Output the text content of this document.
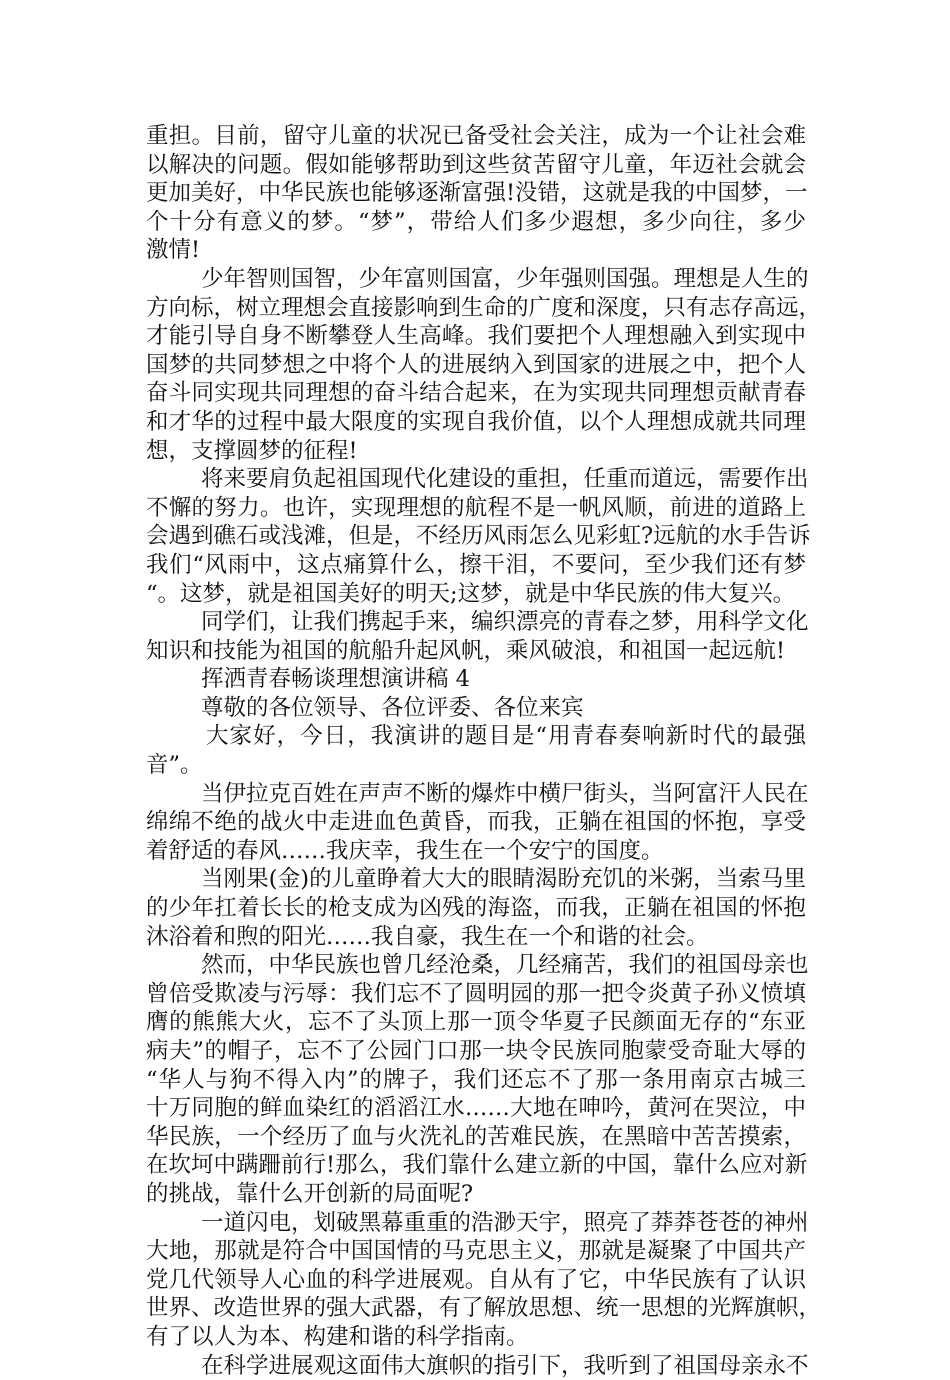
重担。目前，留守儿童的状况已备受社会关注，成为一个让社会难
以解决的问题。假如能够帮助到这些贫苦留守儿童，年迈社会就会
更加美好，中华民族也能够逐渐富强!没错，这就是我的中国梦，一
个十分有意义的梦。“梦”，带给人们多少遐想，多少向往，多少
激情!
少年智则国智，少年富则国富，少年强则国强。理想是人生的
方向标，树立理想会直接影响到生命的广度和深度，只有志存高远，
才能引导自身不断攀登人生高峰。我们要把个人理想融入到实现中
国梦的共同梦想之中将个人的进展纳入到国家的进展之中，把个人
奋斗同实现共同理想的奋斗结合起来，在为实现共同理想贡献青春
和才华的过程中最大限度的实现自我价值，以个人理想成就共同理
想，支撑圆梦的征程!
将来要肩负起祖国现代化建设的重担，任重而道远，需要作出
不懈的努力。也许，实现理想的航程不是一帆风顺，前进的道路上
会遇到礁石或浅滩，但是，不经历风雨怎么见彩虹?远航的水手告诉
我们“风雨中，这点痛算什么，擦干泪，不要问，至少我们还有梦
“。这梦，就是祖国美好的明天;这梦，就是中华民族的伟大复兴。
同学们，让我们携起手来，编织漂亮的青春之梦，用科学文化
知识和技能为祖国的航船升起风帆，乘风破浪，和祖国一起远航!
挥洒青春畅谈理想演讲稿 4
尊敬的各位领导、各位评委、各位来宾
大家好，今日，我演讲的题目是“用青春奏响新时代的最强
音”。
当伊拉克百姓在声声不断的爆炸中横尸街头，当阿富汗人民在
绵绵不绝的战火中走进血色黄昏，而我，正躺在祖国的怀抱，享受
着舒适的春风……我庆幸，我生在一个安宁的国度。
当刚果(金)的儿童睁着大大的眼睛渴盼充饥的米粥，当索马里
的少年扛着长长的枪支成为凶残的海盗，而我，正躺在祖国的怀抱
沐浴着和煦的阳光……我自豪，我生在一个和谐的社会。
然而，中华民族也曾几经沧桑，几经痛苦，我们的祖国母亲也
曾倍受欺凌与污辱：我们忘不了圆明园的那一把令炎黄子孙义愤填
膺的熊熊大火，忘不了头顶上那一顶令华夏子民颜面无存的“东亚
病夫”的帽子，忘不了公园门口那一块令民族同胞蒙受奇耻大辱的
“华人与狗不得入内”的牌子，我们还忘不了那一条用南京古城三
十万同胞的鲜血染红的滔滔江水……大地在呻吟，黄河在哭泣，中
华民族，一个经历了血与火洗礼的苦难民族，在黑暗中苦苦摸索，
在坎坷中蹒跚前行!那么，我们靠什么建立新的中国，靠什么应对新
的挑战，靠什么开创新的局面呢?
一道闪电，划破黑幕重重的浩渺天宇，照亮了莽莽苍苍的神州
大地，那就是符合中国国情的马克思主义，那就是凝聚了中国共产
党几代领导人心血的科学进展观。自从有了它，中华民族有了认识
世界、改造世界的强大武器，有了解放思想、统一思想的光辉旗帜，
有了以人为本、构建和谐的科学指南。
在科学进展观这面伟大旗帜的指引下，我听到了祖国母亲永不
